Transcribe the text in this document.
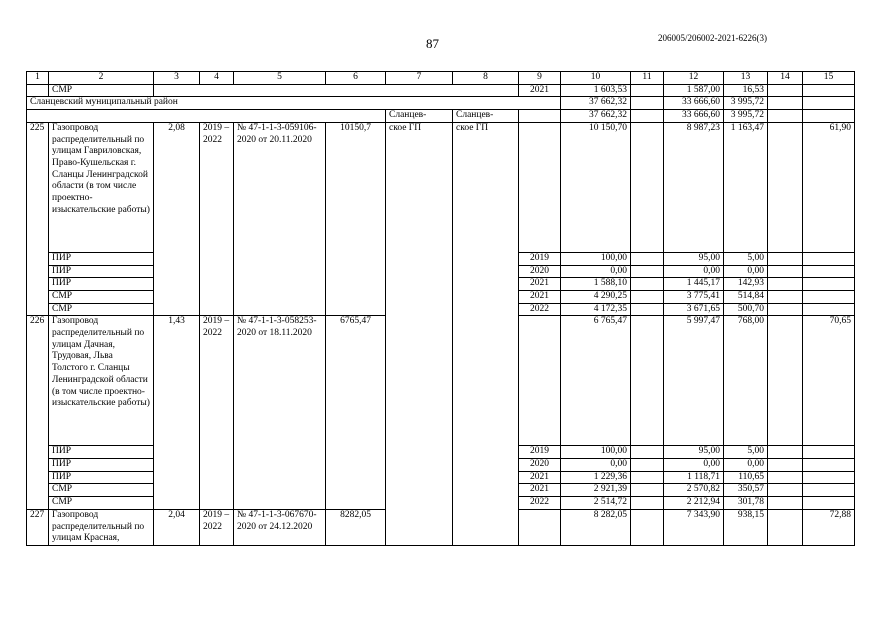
87	206005/206002-2021-6226(3)
1	2	3	4	5	6	7	8	9	10	11	12	13	14	15
	СМР							2021	1 603,53		1 587,00	16,53		
Сланцевский муниципальный район									37 662,32		33 666,60	3 995,72		
						Сланцев-	Сланцев-		37 662,32		33 666,60	3 995,72		
225	Газопровод распределительный по улицам Гавриловская, Право-Кушельская г. Сланцы Ленинградской области (в том числе проектно-изыскательские работы)	2,08	2019 – 2022	№ 47-1-1-3-059106-2020 от 20.11.2020	10150,7	ское ГП	ское ГП		10 150,70		8 987,23	1 163,47		61,90
	ПИР							2019	100,00		95,00	5,00		
	ПИР							2020	0,00		0,00	0,00		
	ПИР							2021	1 588,10		1 445,17	142,93		
	СМР							2021	4 290,25		3 775,41	514,84		
	СМР							2022	4 172,35		3 671,65	500,70		
226	Газопровод распределительный по улицам Дачная, Трудовая, Льва Толстого г. Сланцы Ленинградской области (в том числе проектно-изыскательские работы)	1,43	2019 – 2022	№ 47-1-1-3-058253-2020 от 18.11.2020	6765,47				6 765,47		5 997,47	768,00		70,65
	ПИР							2019	100,00		95,00	5,00		
	ПИР							2020	0,00		0,00	0,00		
	ПИР							2021	1 229,36		1 118,71	110,65		
	СМР							2021	2 921,39		2 570,82	350,57		
	СМР							2022	2 514,72		2 212,94	301,78		
227	Газопровод распределительный по улицам Красная,	2,04	2019 – 2022	№ 47-1-1-3-067670-2020 от 24.12.2020	8282,05				8 282,05		7 343,90	938,15		72,88
